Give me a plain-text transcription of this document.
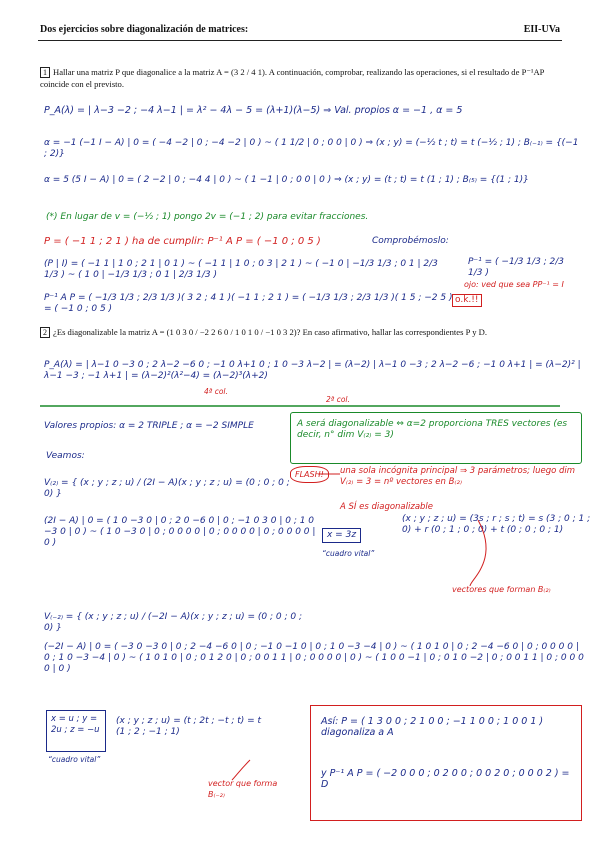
Dos ejercicios sobre diagonalización de matrices:	EII-UVa
1 Hallar una matriz P que diagonalice a la matriz A = (3 2 / 4 1). A continuación, comprobar, realizando las operaciones, si el resultado de P⁻¹AP coincide con el previsto.
P_A(λ) = | λ−3 −2 ; −4 λ−1 | = λ² − 4λ − 5 = (λ+1)(λ−5) ⇒ Val. propios α = −1 , α = 5
α = −1 (−1 I − A) | 0 = ( −4 −2 | 0 ; −4 −2 | 0 ) ~ ( 1 1/2 | 0 ; 0 0 | 0 ) ⇒ (x ; y) = (−½ t ; t) = t (−½ ; 1) ; B₍₋₁₎ = {(−1 ; 2)}
α = 5 (5 I − A) | 0 = ( 2 −2 | 0 ; −4 4 | 0 ) ~ ( 1 −1 | 0 ; 0 0 | 0 ) ⇒ (x ; y) = (t ; t) = t (1 ; 1) ; B₍₅₎ = {(1 ; 1)}
(*) En lugar de v = (−½ ; 1) pongo 2v = (−1 ; 2) para evitar fracciones.
P = ( −1 1 ; 2 1 ) ha de cumplir: P⁻¹ A P = ( −1 0 ; 0 5 )	Comprobémoslo:
(P | I) = ( −1 1 | 1 0 ; 2 1 | 0 1 ) ~ ( −1 1 | 1 0 ; 0 3 | 2 1 ) ~ ( −1 0 | −1/3 1/3 ; 0 1 | 2/3 1/3 ) ~ ( 1 0 | −1/3 1/3 ; 0 1 | 2/3 1/3 )
P⁻¹ = ( −1/3 1/3 ; 2/3 1/3 )
ojo: ved que sea PP⁻¹ = I
P⁻¹ A P = ( −1/3 1/3 ; 2/3 1/3 )( 3 2 ; 4 1 )( −1 1 ; 2 1 ) = ( −1/3 1/3 ; 2/3 1/3 )( 1 5 ; −2 5 ) = ( −1 0 ; 0 5 )
o.k.!!
2 ¿Es diagonalizable la matriz A = (1 0 3 0 / −2 2 6 0 / 1 0 1 0 / −1 0 3 2)? En caso afirmativo, hallar las correspondientes P y D.
P_A(λ) = | λ−1 0 −3 0 ; 2 λ−2 −6 0 ; −1 0 λ+1 0 ; 1 0 −3 λ−2 | = (λ−2) | λ−1 0 −3 ; 2 λ−2 −6 ; −1 0 λ+1 | = (λ−2)² | λ−1 −3 ; −1 λ+1 | = (λ−2)²(λ²−4) = (λ−2)³(λ+2)
4ª col.
2ª col.
Valores propios: α = 2 TRIPLE ; α = −2 SIMPLE	A será diagonalizable ⇔ α=2 proporciona TRES vectores (es decir, n° dim V₍₂₎ = 3)
Veamos:
V₍₂₎ = { (x ; y ; z ; u) / (2I − A)(x ; y ; z ; u) = (0 ; 0 ; 0 ; 0) }
FLASH!	una sola incógnita principal ⇒ 3 parámetros; luego dim V₍₂₎ = 3 = nº vectores en B₍₂₎
A SÍ es diagonalizable
(2I − A) | 0 = ( 1 0 −3 0 | 0 ; 2 0 −6 0 | 0 ; −1 0 3 0 | 0 ; 1 0 −3 0 | 0 ) ~ ( 1 0 −3 0 | 0 ; 0 0 0 0 | 0 ; 0 0 0 0 | 0 ; 0 0 0 0 | 0 )
x = 3z
“cuadro vital”
(x ; y ; z ; u) = (3s ; r ; s ; t) = s (3 ; 0 ; 1 ; 0) + r (0 ; 1 ; 0 ; 0) + t (0 ; 0 ; 0 ; 1)
vectores que forman B₍₂₎
V₍₋₂₎ = { (x ; y ; z ; u) / (−2I − A)(x ; y ; z ; u) = (0 ; 0 ; 0 ; 0) }
(−2I − A) | 0 = ( −3 0 −3 0 | 0 ; 2 −4 −6 0 | 0 ; −1 0 −1 0 | 0 ; 1 0 −3 −4 | 0 ) ~ ( 1 0 1 0 | 0 ; 2 −4 −6 0 | 0 ; 0 0 0 0 | 0 ; 1 0 −3 −4 | 0 ) ~ ( 1 0 1 0 | 0 ; 0 1 2 0 | 0 ; 0 0 1 1 | 0 ; 0 0 0 0 | 0 ) ~ ( 1 0 0 −1 | 0 ; 0 1 0 −2 | 0 ; 0 0 1 1 | 0 ; 0 0 0 0 | 0 )
x = u ; y = 2u ; z = −u
“cuadro vital”
(x ; y ; z ; u) = (t ; 2t ; −t ; t) = t (1 ; 2 ; −1 ; 1)
vector que forma B₍₋₂₎
Así: P = ( 1 3 0 0 ; 2 1 0 0 ; −1 1 0 0 ; 1 0 0 1 ) diagonaliza a A
y P⁻¹ A P = ( −2 0 0 0 ; 0 2 0 0 ; 0 0 2 0 ; 0 0 0 2 ) = D
